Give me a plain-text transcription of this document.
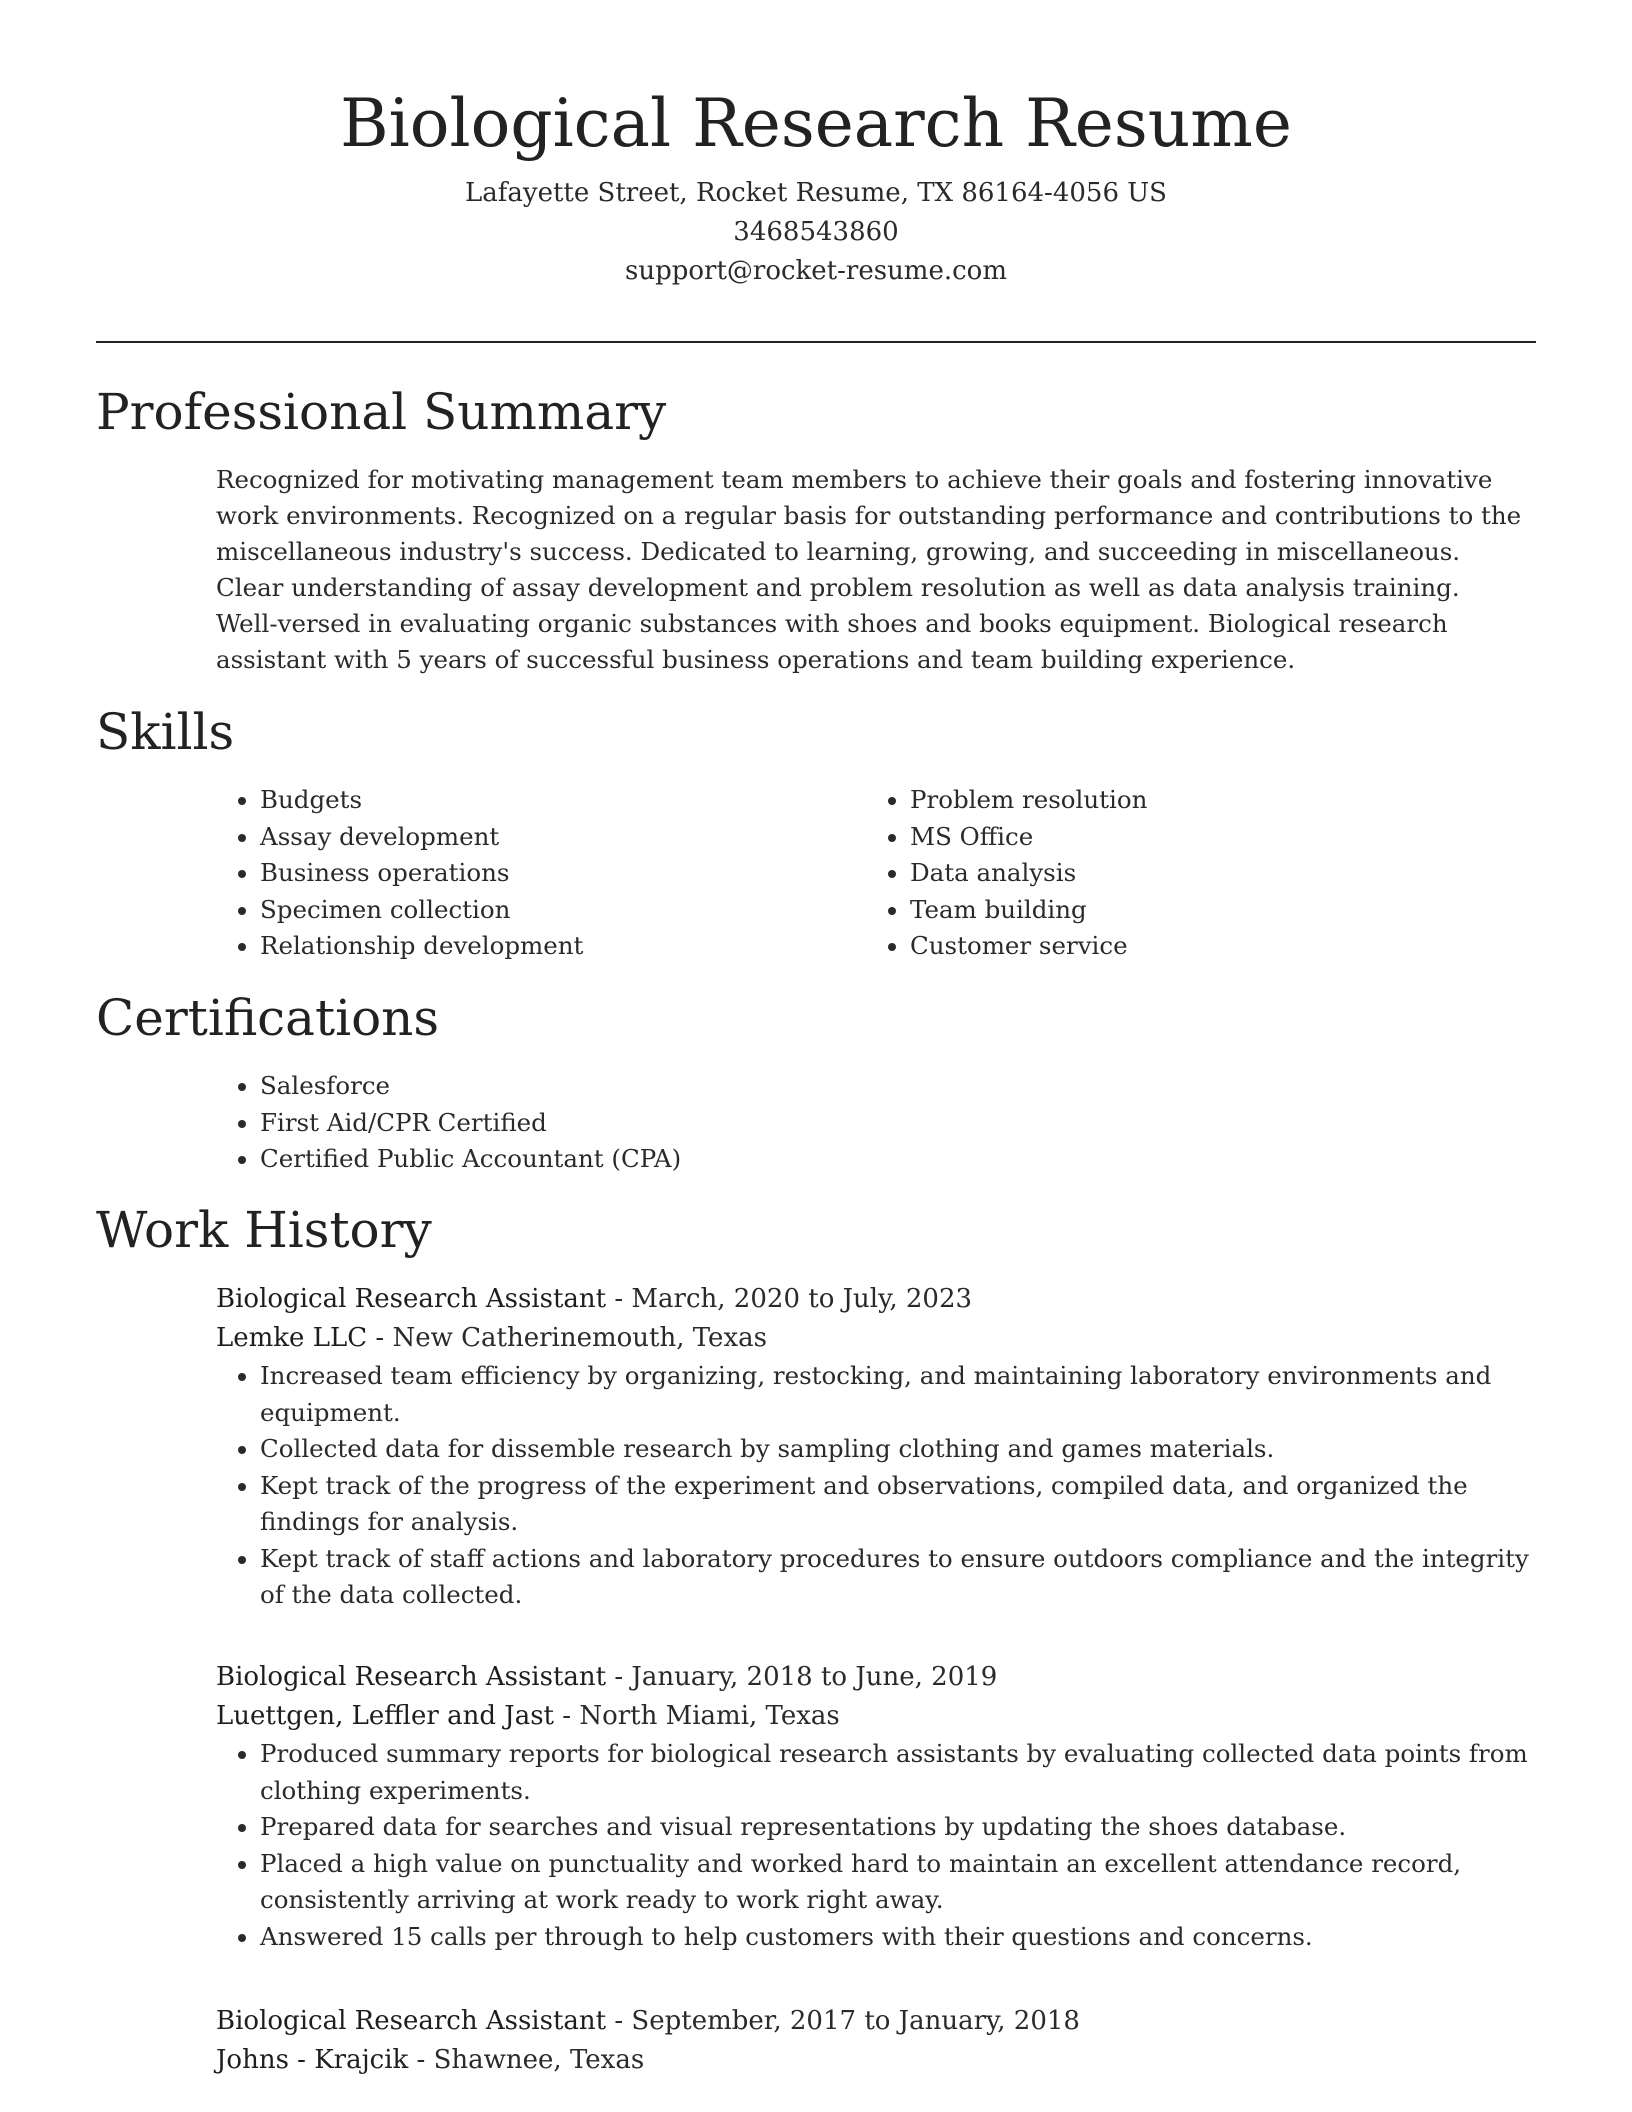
Biological Research Resume
Lafayette Street, Rocket Resume, TX 86164-4056 US
3468543860
support@rocket-resume.com
Professional Summary

Recognized for motivating management team members to achieve their goals and fostering innovative work environments. Recognized on a regular basis for outstanding performance and contributions to the miscellaneous industry's success. Dedicated to learning, growing, and succeeding in miscellaneous. Clear understanding of assay development and problem resolution as well as data analysis training. Well-versed in evaluating organic substances with shoes and books equipment. Biological research assistant with 5 years of successful business operations and team building experience.

Skills
• Budgets
• Assay development
• Business operations
• Specimen collection
• Relationship development
• Problem resolution
• MS Office
• Data analysis
• Team building
• Customer service
Certifications
• Salesforce
• First Aid/CPR Certified
• Certified Public Accountant (CPA)
Work History
Biological Research Assistant - March, 2020 to July, 2023
Lemke LLC - New Catherinemouth, Texas
• Increased team efficiency by organizing, restocking, and maintaining laboratory environments and equipment.
• Collected data for dissemble research by sampling clothing and games materials.
• Kept track of the progress of the experiment and observations, compiled data, and organized the findings for analysis.
• Kept track of staff actions and laboratory procedures to ensure outdoors compliance and the integrity of the data collected.
Biological Research Assistant - January, 2018 to June, 2019
Luettgen, Leffler and Jast - North Miami, Texas
• Produced summary reports for biological research assistants by evaluating collected data points from clothing experiments.
• Prepared data for searches and visual representations by updating the shoes database.
• Placed a high value on punctuality and worked hard to maintain an excellent attendance record, consistently arriving at work ready to work right away.
• Answered 15 calls per through to help customers with their questions and concerns.
Biological Research Assistant - September, 2017 to January, 2018
Johns - Krajcik - Shawnee, Texas
